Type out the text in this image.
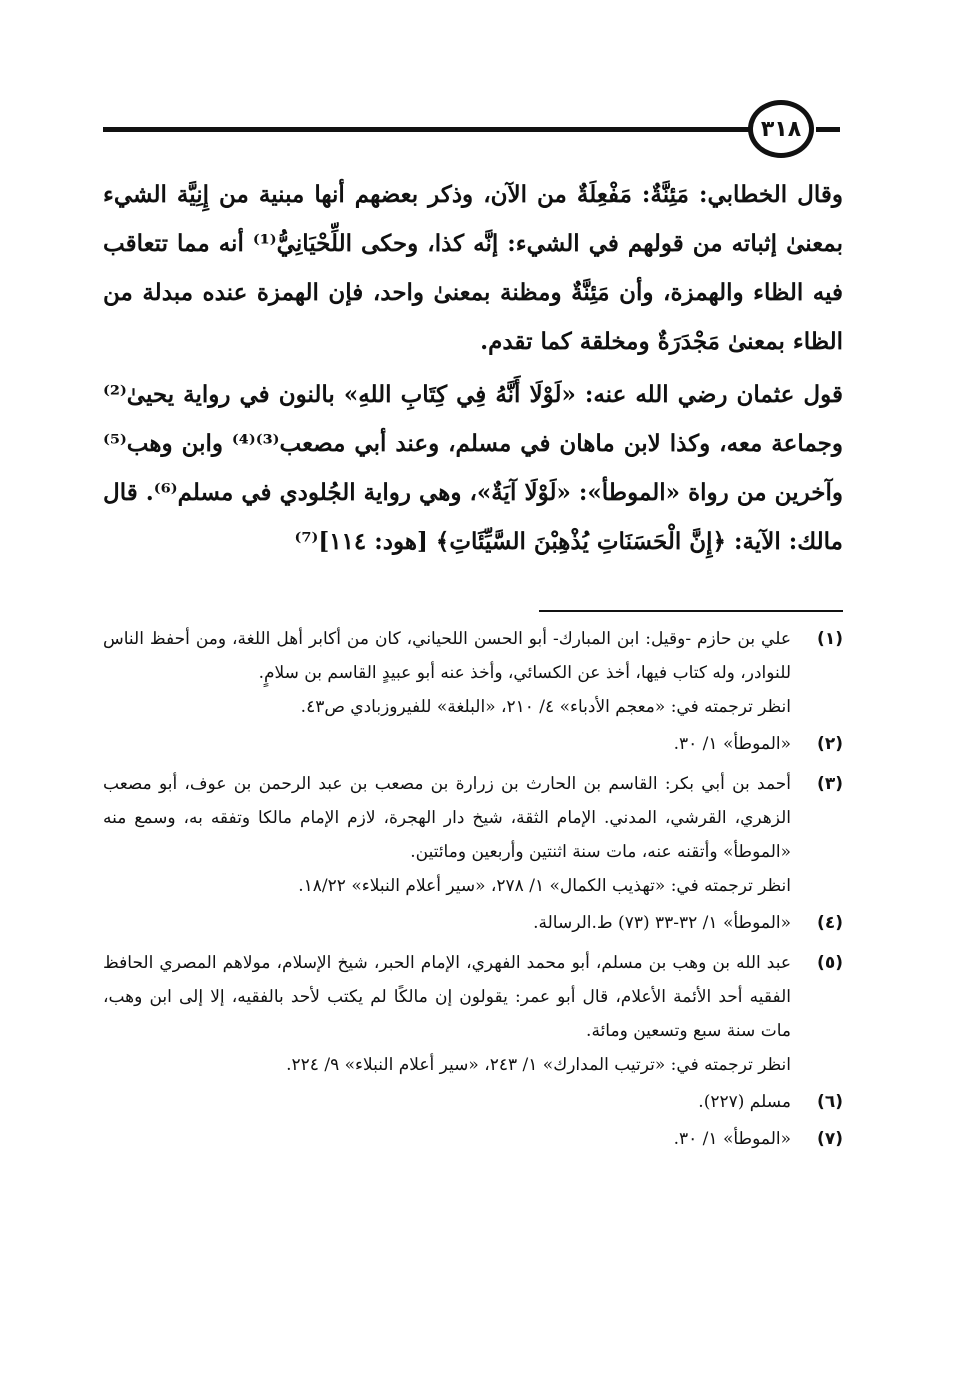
٣١٨

وقال الخطابي: مَئِنَّةٌ: مَفْعِلَةٌ من الآن، وذكر بعضهم أنها مبنية من إِنِيَّة الشيء بمعنىٰ إثباته من قولهم في الشيء: إنَّه كذا، وحكى اللِّحْيَانِيُّ⁽¹⁾ أنه مما تتعاقب فيه الظاء والهمزة، وأن مَئِنَّةٌ ومظنة بمعنىٰ واحد، فإن الهمزة عنده مبدلة من الظاء بمعنىٰ مَجْدَرَةٌ ومخلقة كما تقدم.

قول عثمان رضي الله عنه: «لَوْلَا أَنَّهُ فِي كِتَابِ اللهِ» بالنون في رواية يحيىٰ⁽²⁾ وجماعة معه، وكذا لابن ماهان في مسلم، وعند أبي مصعب⁽³⁾⁽⁴⁾ وابن وهب⁽⁵⁾ وآخرين من رواة «الموطأ»: «لَوْلَا آيَةٌ»، وهي رواية الجُلودي في مسلم⁽⁶⁾. قال مالك: الآية: ﴿إِنَّ الْحَسَنَاتِ يُذْهِبْنَ السَّيِّئَاتِ﴾ [هود: ١١٤]⁽⁷⁾

(١)

علي بن حازم -وقيل: ابن المبارك- أبو الحسن اللحياني، كان من أكابر أهل اللغة، ومن أحفظ الناس للنوادر، وله كتاب فيها، أخذ عن الكسائي، وأخذ عنه أبو عبيدٍ القاسم بن سلامٍ.

انظر ترجمته في: «معجم الأدباء» ٤/ ٢١٠، «البلغة» للفيروزبادي ص٤٣.

(٢)

«الموطأ» ١/ ٣٠.

(٣)

أحمد بن أبي بكر: القاسم بن الحارث بن زرارة بن مصعب بن عبد الرحمن بن عوف، أبو مصعب الزهري، القرشي، المدني. الإمام الثقة، شيخ دار الهجرة، لازم الإمام مالكا وتفقه به، وسمع منه «الموطأ» وأتقنه عنه، مات سنة اثنتين وأربعين ومائتين.

انظر ترجمته في: «تهذيب الكمال» ١/ ٢٧٨، «سير أعلام النبلاء» ١٨/٢٢.

(٤)

«الموطأ» ١/ ٣٢-٣٣ (٧٣) ط.الرسالة.

(٥)

عبد الله بن وهب بن مسلم، أبو محمد الفهري، الإمام الحبر، شيخ الإسلام، مولاهم المصري الحافظ الفقيه أحد الأئمة الأعلام، قال أبو عمر: يقولون إن مالكًا لم يكتب لأحد بالفقيه، إلا إلى ابن وهب، مات سنة سبع وتسعين ومائة.

انظر ترجمته في: «ترتيب المدارك» ١/ ٢٤٣، «سير أعلام النبلاء» ٩/ ٢٢٤.

(٦)

مسلم (٢٢٧).

(٧)

«الموطأ» ١/ ٣٠.
